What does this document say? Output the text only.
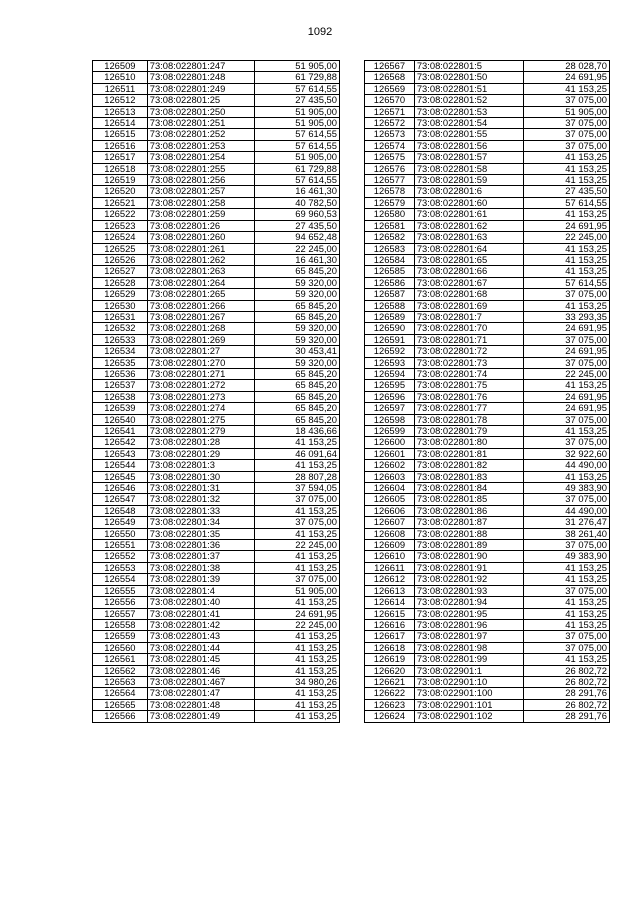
1092
126509	73:08:022801:247	51 905,00
126510	73:08:022801:248	61 729,88
126511	73:08:022801:249	57 614,55
126512	73:08:022801:25	27 435,50
126513	73:08:022801:250	51 905,00
126514	73:08:022801:251	51 905,00
126515	73:08:022801:252	57 614,55
126516	73:08:022801:253	57 614,55
126517	73:08:022801:254	51 905,00
126518	73:08:022801:255	61 729,88
126519	73:08:022801:256	57 614,55
126520	73:08:022801:257	16 461,30
126521	73:08:022801:258	40 782,50
126522	73:08:022801:259	69 960,53
126523	73:08:022801:26	27 435,50
126524	73:08:022801:260	94 652,48
126525	73:08:022801:261	22 245,00
126526	73:08:022801:262	16 461,30
126527	73:08:022801:263	65 845,20
126528	73:08:022801:264	59 320,00
126529	73:08:022801:265	59 320,00
126530	73:08:022801:266	65 845,20
126531	73:08:022801:267	65 845,20
126532	73:08:022801:268	59 320,00
126533	73:08:022801:269	59 320,00
126534	73:08:022801:27	30 453,41
126535	73:08:022801:270	59 320,00
126536	73:08:022801:271	65 845,20
126537	73:08:022801:272	65 845,20
126538	73:08:022801:273	65 845,20
126539	73:08:022801:274	65 845,20
126540	73:08:022801:275	65 845,20
126541	73:08:022801:279	18 436,66
126542	73:08:022801:28	41 153,25
126543	73:08:022801:29	46 091,64
126544	73:08:022801:3	41 153,25
126545	73:08:022801:30	28 807,28
126546	73:08:022801:31	37 594,05
126547	73:08:022801:32	37 075,00
126548	73:08:022801:33	41 153,25
126549	73:08:022801:34	37 075,00
126550	73:08:022801:35	41 153,25
126551	73:08:022801:36	22 245,00
126552	73:08:022801:37	41 153,25
126553	73:08:022801:38	41 153,25
126554	73:08:022801:39	37 075,00
126555	73:08:022801:4	51 905,00
126556	73:08:022801:40	41 153,25
126557	73:08:022801:41	24 691,95
126558	73:08:022801:42	22 245,00
126559	73:08:022801:43	41 153,25
126560	73:08:022801:44	41 153,25
126561	73:08:022801:45	41 153,25
126562	73:08:022801:46	41 153,25
126563	73:08:022801:467	34 980,26
126564	73:08:022801:47	41 153,25
126565	73:08:022801:48	41 153,25
126566	73:08:022801:49	41 153,25
126567	73:08:022801:5	28 028,70
126568	73:08:022801:50	24 691,95
126569	73:08:022801:51	41 153,25
126570	73:08:022801:52	37 075,00
126571	73:08:022801:53	51 905,00
126572	73:08:022801:54	37 075,00
126573	73:08:022801:55	37 075,00
126574	73:08:022801:56	37 075,00
126575	73:08:022801:57	41 153,25
126576	73:08:022801:58	41 153,25
126577	73:08:022801:59	41 153,25
126578	73:08:022801:6	27 435,50
126579	73:08:022801:60	57 614,55
126580	73:08:022801:61	41 153,25
126581	73:08:022801:62	24 691,95
126582	73:08:022801:63	22 245,00
126583	73:08:022801:64	41 153,25
126584	73:08:022801:65	41 153,25
126585	73:08:022801:66	41 153,25
126586	73:08:022801:67	57 614,55
126587	73:08:022801:68	37 075,00
126588	73:08:022801:69	41 153,25
126589	73:08:022801:7	33 293,35
126590	73:08:022801:70	24 691,95
126591	73:08:022801:71	37 075,00
126592	73:08:022801:72	24 691,95
126593	73:08:022801:73	37 075,00
126594	73:08:022801:74	22 245,00
126595	73:08:022801:75	41 153,25
126596	73:08:022801:76	24 691,95
126597	73:08:022801:77	24 691,95
126598	73:08:022801:78	37 075,00
126599	73:08:022801:79	41 153,25
126600	73:08:022801:80	37 075,00
126601	73:08:022801:81	32 922,60
126602	73:08:022801:82	44 490,00
126603	73:08:022801:83	41 153,25
126604	73:08:022801:84	49 383,90
126605	73:08:022801:85	37 075,00
126606	73:08:022801:86	44 490,00
126607	73:08:022801:87	31 276,47
126608	73:08:022801:88	38 261,40
126609	73:08:022801:89	37 075,00
126610	73:08:022801:90	49 383,90
126611	73:08:022801:91	41 153,25
126612	73:08:022801:92	41 153,25
126613	73:08:022801:93	37 075,00
126614	73:08:022801:94	41 153,25
126615	73:08:022801:95	41 153,25
126616	73:08:022801:96	41 153,25
126617	73:08:022801:97	37 075,00
126618	73:08:022801:98	37 075,00
126619	73:08:022801:99	41 153,25
126620	73:08:022901:1	26 802,72
126621	73:08:022901:10	26 802,72
126622	73:08:022901:100	28 291,76
126623	73:08:022901:101	26 802,72
126624	73:08:022901:102	28 291,76
